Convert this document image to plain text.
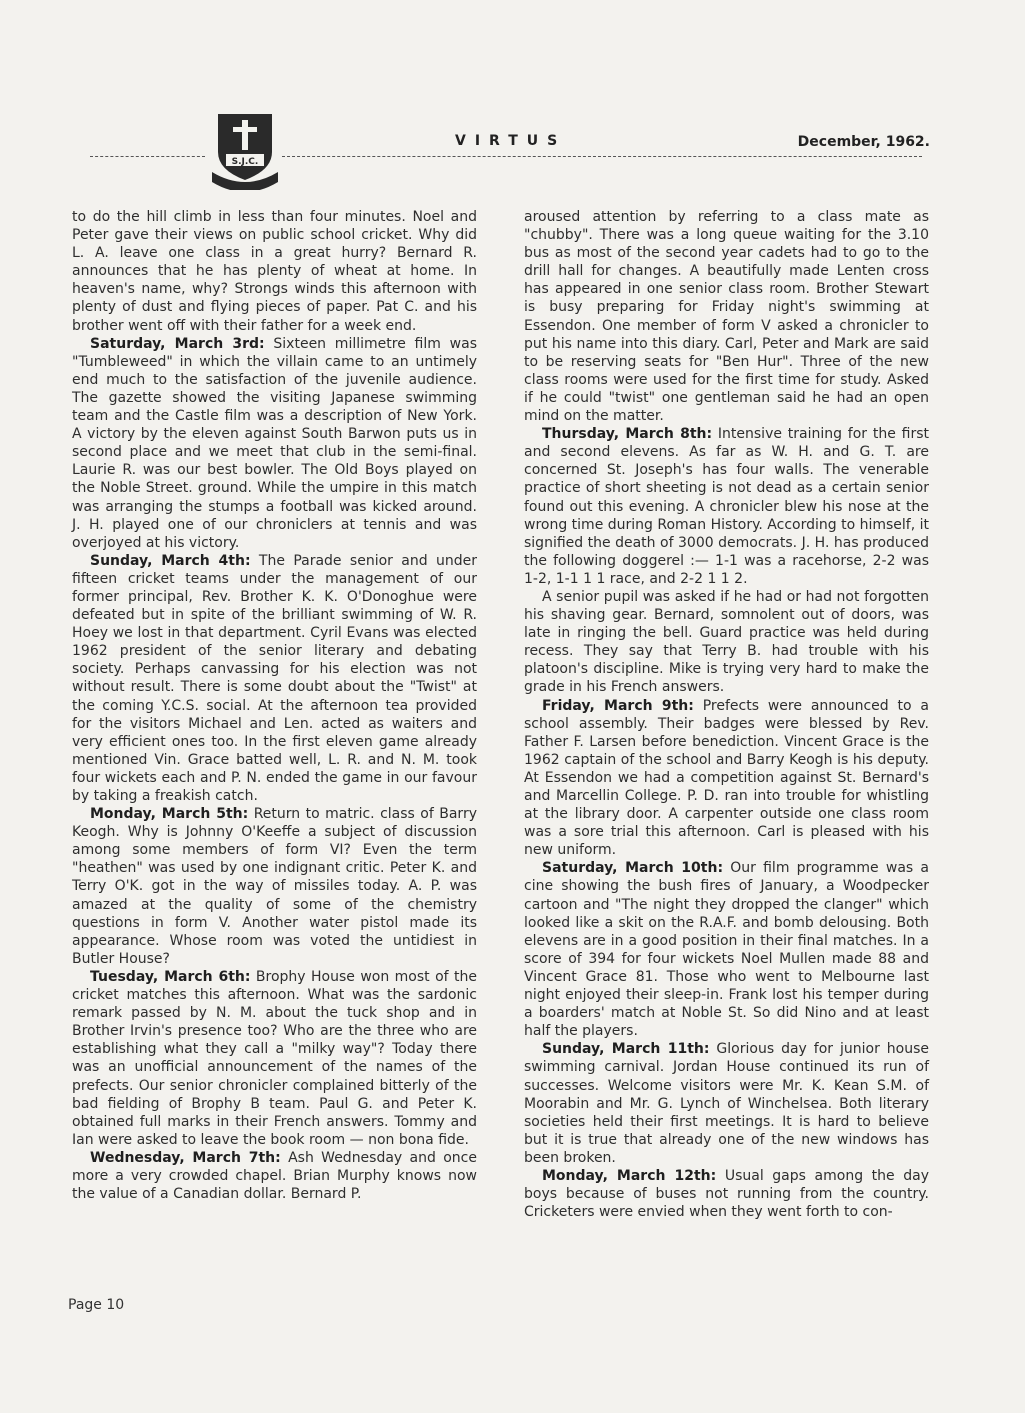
S.J.C.
VIRTUS	December, 1962.

to do the hill climb in less than four minutes. Noel and Peter gave their views on public school cricket. Why did L. A. leave one class in a great hurry? Bernard R. announces that he has plenty of wheat at home. In heaven's name, why? Strongs winds this afternoon with plenty of dust and flying pieces of paper. Pat C. and his brother went off with their father for a week end.

Saturday, March 3rd: Sixteen millimetre film was "Tumbleweed" in which the villain came to an untimely end much to the satisfaction of the juvenile audience. The gazette showed the visiting Japanese swimming team and the Castle film was a description of New York. A victory by the eleven against South Barwon puts us in second place and we meet that club in the semi-final. Laurie R. was our best bowler. The Old Boys played on the Noble Street. ground. While the umpire in this match was arranging the stumps a football was kicked around. J. H. played one of our chroniclers at tennis and was overjoyed at his victory.

Sunday, March 4th: The Parade senior and under fifteen cricket teams under the management of our former principal, Rev. Brother K. K. O'Donoghue were defeated but in spite of the brilliant swimming of W. R. Hoey we lost in that department. Cyril Evans was elected 1962 president of the senior literary and debating society. Perhaps canvassing for his election was not without result. There is some doubt about the "Twist" at the coming Y.C.S. social. At the afternoon tea provided for the visitors Michael and Len. acted as waiters and very efficient ones too. In the first eleven game already mentioned Vin. Grace batted well, L. R. and N. M. took four wickets each and P. N. ended the game in our favour by taking a freakish catch.

Monday, March 5th: Return to matric. class of Barry Keogh. Why is Johnny O'Keeffe a subject of discussion among some members of form VI? Even the term "heathen" was used by one indignant critic. Peter K. and Terry O'K. got in the way of missiles today. A. P. was amazed at the quality of some of the chemistry questions in form V. Another water pistol made its appearance. Whose room was voted the untidiest in Butler House?

Tuesday, March 6th: Brophy House won most of the cricket matches this afternoon. What was the sardonic remark passed by N. M. about the tuck shop and in Brother Irvin's presence too? Who are the three who are establishing what they call a "milky way"? Today there was an unofficial announcement of the names of the prefects. Our senior chronicler complained bitterly of the bad fielding of Brophy B team. Paul G. and Peter K. obtained full marks in their French answers. Tommy and Ian were asked to leave the book room — non bona fide.

Wednesday, March 7th: Ash Wednesday and once more a very crowded chapel. Brian Murphy knows now the value of a Canadian dollar. Bernard P.

aroused attention by referring to a class mate as "chubby". There was a long queue waiting for the 3.10 bus as most of the second year cadets had to go to the drill hall for changes. A beautifully made Lenten cross has appeared in one senior class room. Brother Stewart is busy preparing for Friday night's swimming at Essendon. One member of form V asked a chronicler to put his name into this diary. Carl, Peter and Mark are said to be reserving seats for "Ben Hur". Three of the new class rooms were used for the first time for study. Asked if he could "twist" one gentleman said he had an open mind on the matter.

Thursday, March 8th: Intensive training for the first and second elevens. As far as W. H. and G. T. are concerned St. Joseph's has four walls. The venerable practice of short sheeting is not dead as a certain senior found out this evening. A chronicler blew his nose at the wrong time during Roman History. According to himself, it signified the death of 3000 democrats. J. H. has produced the following doggerel :— 1-1 was a racehorse, 2-2 was 1-2, 1-1 1 1 race, and 2-2 1 1 2.

A senior pupil was asked if he had or had not forgotten his shaving gear. Bernard, somnolent out of doors, was late in ringing the bell. Guard practice was held during recess. They say that Terry B. had trouble with his platoon's discipline. Mike is trying very hard to make the grade in his French answers.

Friday, March 9th: Prefects were announced to a school assembly. Their badges were blessed by Rev. Father F. Larsen before benediction. Vincent Grace is the 1962 captain of the school and Barry Keogh is his deputy. At Essendon we had a competition against St. Bernard's and Marcellin College. P. D. ran into trouble for whistling at the library door. A carpenter outside one class room was a sore trial this afternoon. Carl is pleased with his new uniform.

Saturday, March 10th: Our film programme was a cine showing the bush fires of January, a Woodpecker cartoon and "The night they dropped the clanger" which looked like a skit on the R.A.F. and bomb delousing. Both elevens are in a good position in their final matches. In a score of 394 for four wickets Noel Mullen made 88 and Vincent Grace 81. Those who went to Melbourne last night enjoyed their sleep-in. Frank lost his temper during a boarders' match at Noble St. So did Nino and at least half the players.

Sunday, March 11th: Glorious day for junior house swimming carnival. Jordan House continued its run of successes. Welcome visitors were Mr. K. Kean S.M. of Moorabin and Mr. G. Lynch of Winchelsea. Both literary societies held their first meetings. It is hard to believe but it is true that already one of the new windows has been broken.

Monday, March 12th: Usual gaps among the day boys because of buses not running from the country. Cricketers were envied when they went forth to con-

Page 10
